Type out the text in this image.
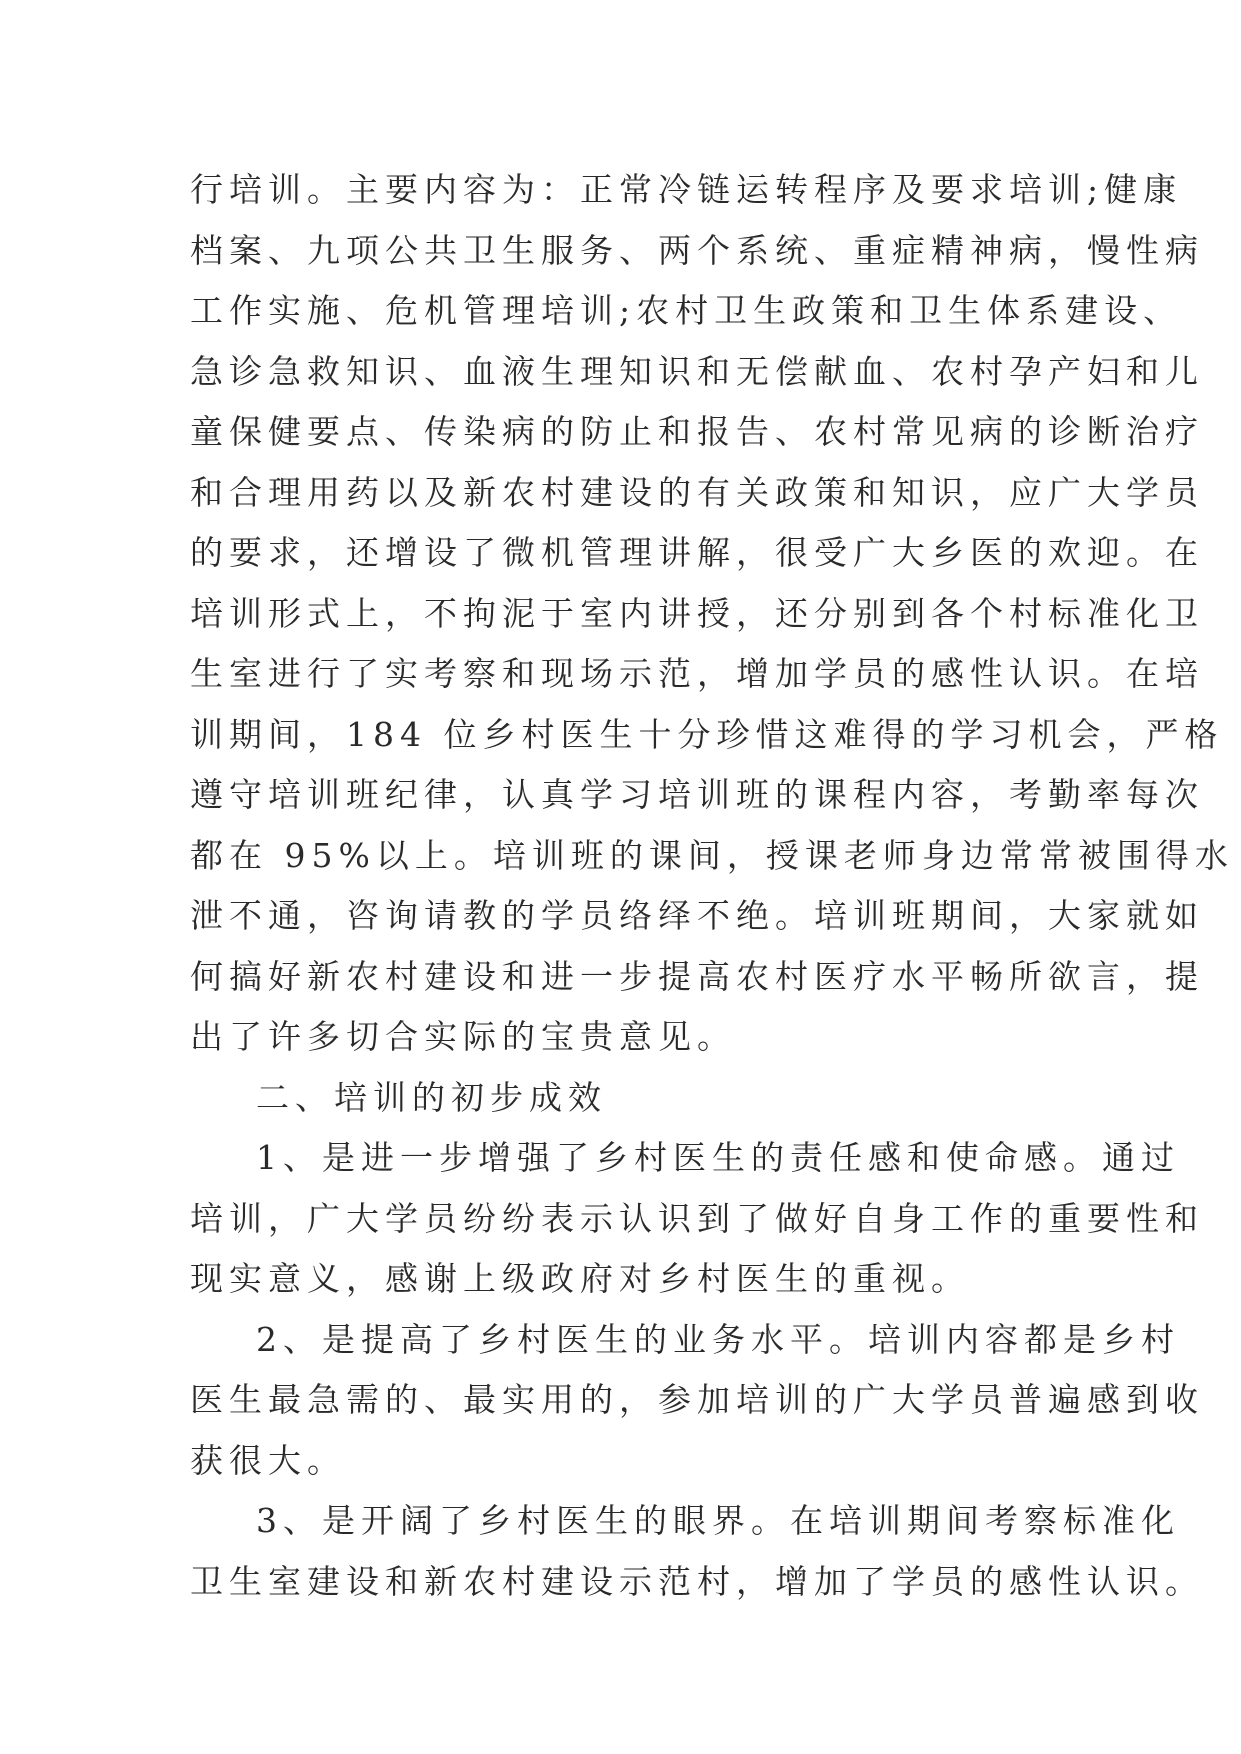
行培训。主要内容为：正常冷链运转程序及要求培训;健康
档案、九项公共卫生服务、两个系统、重症精神病，慢性病
工作实施、危机管理培训;农村卫生政策和卫生体系建设、
急诊急救知识、血液生理知识和无偿献血、农村孕产妇和儿
童保健要点、传染病的防止和报告、农村常见病的诊断治疗
和合理用药以及新农村建设的有关政策和知识，应广大学员
的要求，还增设了微机管理讲解，很受广大乡医的欢迎。在
培训形式上，不拘泥于室内讲授，还分别到各个村标准化卫
生室进行了实考察和现场示范，增加学员的感性认识。在培
训期间，184 位乡村医生十分珍惜这难得的学习机会，严格
遵守培训班纪律，认真学习培训班的课程内容，考勤率每次
都在 95%以上。培训班的课间，授课老师身边常常被围得水
泄不通，咨询请教的学员络绎不绝。培训班期间，大家就如
何搞好新农村建设和进一步提高农村医疗水平畅所欲言，提
出了许多切合实际的宝贵意见。
二、培训的初步成效
1、是进一步增强了乡村医生的责任感和使命感。通过
培训，广大学员纷纷表示认识到了做好自身工作的重要性和
现实意义，感谢上级政府对乡村医生的重视。
2、是提高了乡村医生的业务水平。培训内容都是乡村
医生最急需的、最实用的，参加培训的广大学员普遍感到收
获很大。
3、是开阔了乡村医生的眼界。在培训期间考察标准化
卫生室建设和新农村建设示范村，增加了学员的感性认识。
